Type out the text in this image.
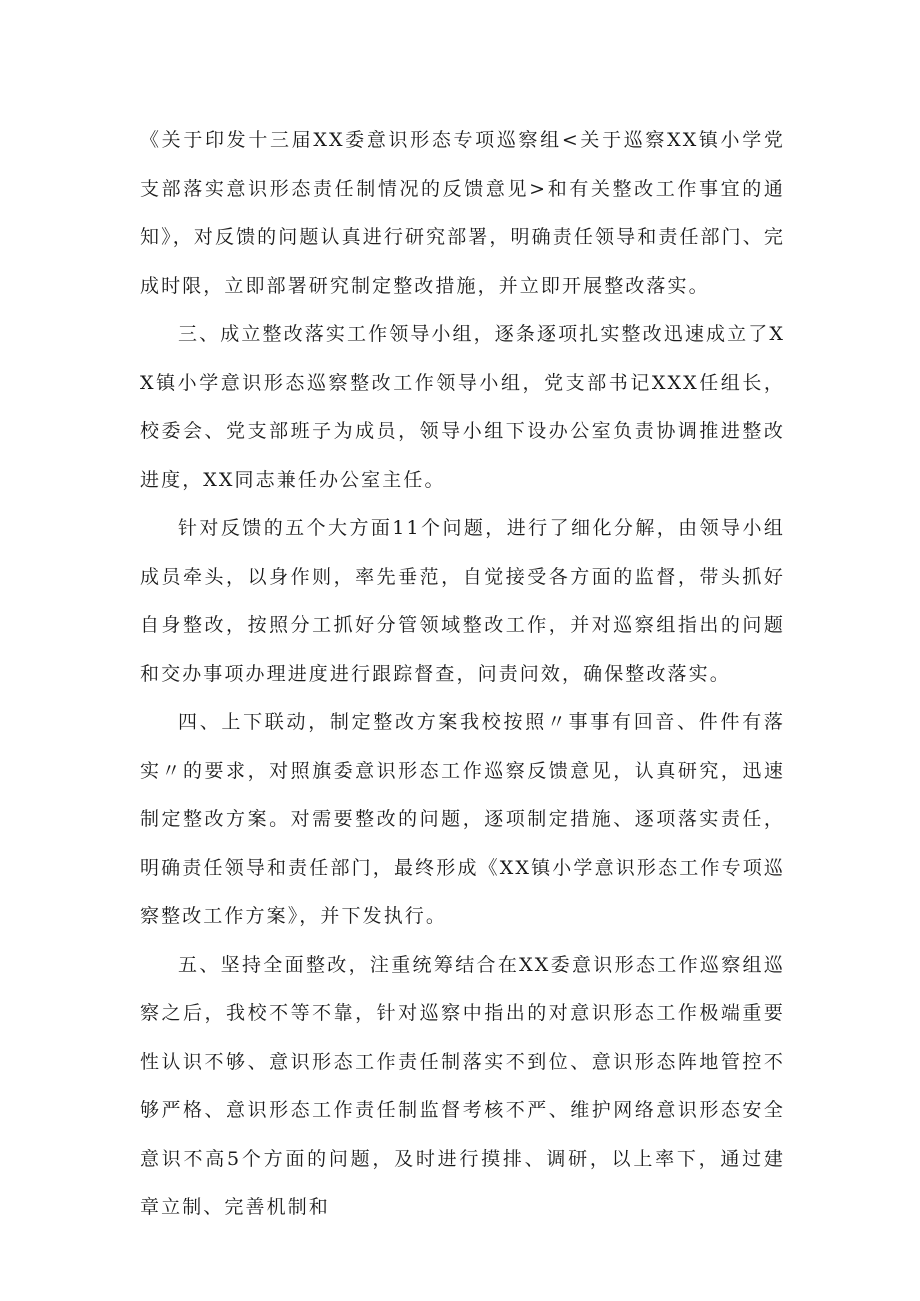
《关于印发十三届XX委意识形态专项巡察组<关于巡察XX镇小学党支部落实意识形态责任制情况的反馈意见>和有关整改工作事宜的通知》，对反馈的问题认真进行研究部署，明确责任领导和责任部门、完成时限，立即部署研究制定整改措施，并立即开展整改落实。

三、成立整改落实工作领导小组，逐条逐项扎实整改迅速成立了XX镇小学意识形态巡察整改工作领导小组，党支部书记XXX任组长，校委会、党支部班子为成员，领导小组下设办公室负责协调推进整改进度，XX同志兼任办公室主任。

针对反馈的五个大方面11个问题，进行了细化分解，由领导小组成员牵头，以身作则，率先垂范，自觉接受各方面的监督，带头抓好自身整改，按照分工抓好分管领域整改工作，并对巡察组指出的问题和交办事项办理进度进行跟踪督查，问责问效，确保整改落实。

四、上下联动，制定整改方案我校按照〃事事有回音、件件有落实〃的要求，对照旗委意识形态工作巡察反馈意见，认真研究，迅速制定整改方案。对需要整改的问题，逐项制定措施、逐项落实责任，明确责任领导和责任部门，最终形成《XX镇小学意识形态工作专项巡察整改工作方案》，并下发执行。

五、坚持全面整改，注重统筹结合在XX委意识形态工作巡察组巡察之后，我校不等不靠，针对巡察中指出的对意识形态工作极端重要性认识不够、意识形态工作责任制落实不到位、意识形态阵地管控不够严格、意识形态工作责任制监督考核不严、维护网络意识形态安全意识不高5个方面的问题，及时进行摸排、调研，以上率下，通过建章立制、完善机制和
